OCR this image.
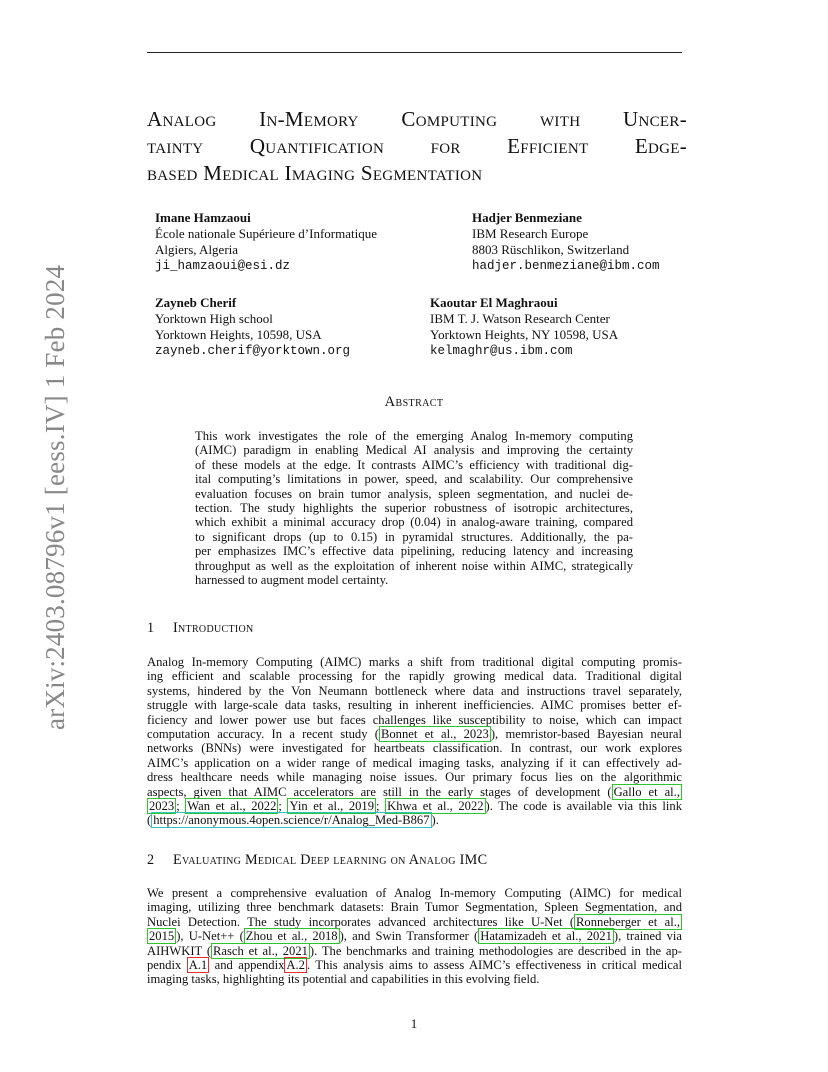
arXiv:2403.08796v1 [eess.IV] 1 Feb 2024
Analog In-Memory Computing with Uncer-
tainty Quantification for Efficient Edge-
based Medical Imaging Segmentation
Imane Hamzaoui
École nationale Supérieure d’Informatique
Algiers, Algeria
ji_hamzaoui@esi.dz
Hadjer Benmeziane
IBM Research Europe
8803 Rüschlikon, Switzerland
hadjer.benmeziane@ibm.com
Zayneb Cherif
Yorktown High school
Yorktown Heights, 10598, USA
zayneb.cherif@yorktown.org
Kaoutar El Maghraoui
IBM T. J. Watson Research Center
Yorktown Heights, NY 10598, USA
kelmaghr@us.ibm.com
Abstract
This work investigates the role of the emerging Analog In-memory computing
(AIMC) paradigm in enabling Medical AI analysis and improving the certainty
of these models at the edge. It contrasts AIMC’s efficiency with traditional dig-
ital computing’s limitations in power, speed, and scalability. Our comprehensive
evaluation focuses on brain tumor analysis, spleen segmentation, and nuclei de-
tection. The study highlights the superior robustness of isotropic architectures,
which exhibit a minimal accuracy drop (0.04) in analog-aware training, compared
to significant drops (up to 0.15) in pyramidal structures. Additionally, the pa-
per emphasizes IMC’s effective data pipelining, reducing latency and increasing
throughput as well as the exploitation of inherent noise within AIMC, strategically
harnessed to augment model certainty.
1 Introduction
Analog In-memory Computing (AIMC) marks a shift from traditional digital computing promis-
ing efficient and scalable processing for the rapidly growing medical data. Traditional digital
systems, hindered by the Von Neumann bottleneck where data and instructions travel separately,
struggle with large-scale data tasks, resulting in inherent inefficiencies. AIMC promises better ef-
ficiency and lower power use but faces challenges like susceptibility to noise, which can impact
computation accuracy. In a recent study ( Bonnet et al., 2023 ), memristor-based Bayesian neural
networks (BNNs) were investigated for heartbeats classification. In contrast, our work explores
AIMC’s application on a wider range of medical imaging tasks, analyzing if it can effectively ad-
dress healthcare needs while managing noise issues. Our primary focus lies on the algorithmic
aspects, given that AIMC accelerators are still in the early stages of development ( Gallo et al.,
2023 ; Wan et al., 2022 ; Yin et al., 2019 ; Khwa et al., 2022 ). The code is available via this link
( https://anonymous.4open.science/r/Analog_Med-B867 ).
2 Evaluating Medical Deep learning on Analog IMC
We present a comprehensive evaluation of Analog In-memory Computing (AIMC) for medical
imaging, utilizing three benchmark datasets: Brain Tumor Segmentation, Spleen Segmentation, and
Nuclei Detection. The study incorporates advanced architectures like U-Net ( Ronneberger et al.,
2015 ), U-Net++ ( Zhou et al., 2018 ), and Swin Transformer ( Hatamizadeh et al., 2021 ), trained via
AIHWKIT ( Rasch et al., 2021 ). The benchmarks and training methodologies are described in the ap-
pendix A.1 and appendix A.2 . This analysis aims to assess AIMC’s effectiveness in critical medical
imaging tasks, highlighting its potential and capabilities in this evolving field.
1
